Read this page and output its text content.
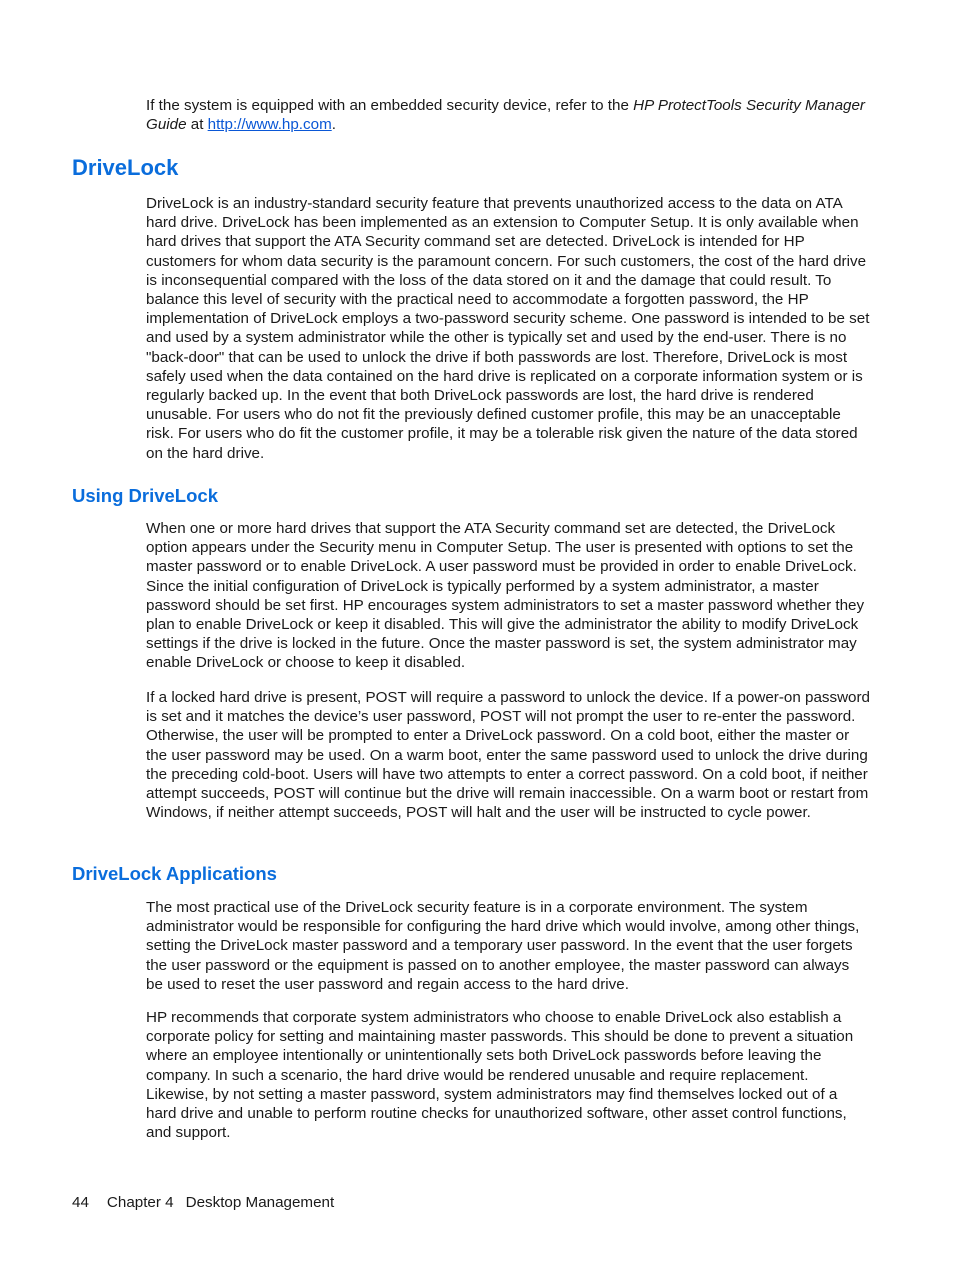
If the system is equipped with an embedded security device, refer to the HP ProtectTools Security Manager Guide at http://www.hp.com.

DriveLock

DriveLock is an industry-standard security feature that prevents unauthorized access to the data on ATA hard drive. DriveLock has been implemented as an extension to Computer Setup. It is only available when hard drives that support the ATA Security command set are detected. DriveLock is intended for HP customers for whom data security is the paramount concern. For such customers, the cost of the hard drive is inconsequential compared with the loss of the data stored on it and the damage that could result. To balance this level of security with the practical need to accommodate a forgotten password, the HP implementation of DriveLock employs a two-password security scheme. One password is intended to be set and used by a system administrator while the other is typically set and used by the end-user. There is no "back-door" that can be used to unlock the drive if both passwords are lost. Therefore, DriveLock is most safely used when the data contained on the hard drive is replicated on a corporate information system or is regularly backed up. In the event that both DriveLock passwords are lost, the hard drive is rendered unusable. For users who do not fit the previously defined customer profile, this may be an unacceptable risk. For users who do fit the customer profile, it may be a tolerable risk given the nature of the data stored on the hard drive.

Using DriveLock

When one or more hard drives that support the ATA Security command set are detected, the DriveLock option appears under the Security menu in Computer Setup. The user is presented with options to set the master password or to enable DriveLock. A user password must be provided in order to enable DriveLock. Since the initial configuration of DriveLock is typically performed by a system administrator, a master password should be set first. HP encourages system administrators to set a master password whether they plan to enable DriveLock or keep it disabled. This will give the administrator the ability to modify DriveLock settings if the drive is locked in the future. Once the master password is set, the system administrator may enable DriveLock or choose to keep it disabled.

If a locked hard drive is present, POST will require a password to unlock the device. If a power-on password is set and it matches the device’s user password, POST will not prompt the user to re-enter the password. Otherwise, the user will be prompted to enter a DriveLock password. On a cold boot, either the master or the user password may be used. On a warm boot, enter the same password used to unlock the drive during the preceding cold-boot. Users will have two attempts to enter a correct password. On a cold boot, if neither attempt succeeds, POST will continue but the drive will remain inaccessible. On a warm boot or restart from Windows, if neither attempt succeeds, POST will halt and the user will be instructed to cycle power.

DriveLock Applications

The most practical use of the DriveLock security feature is in a corporate environment. The system administrator would be responsible for configuring the hard drive which would involve, among other things, setting the DriveLock master password and a temporary user password. In the event that the user forgets the user password or the equipment is passed on to another employee, the master password can always be used to reset the user password and regain access to the hard drive.

HP recommends that corporate system administrators who choose to enable DriveLock also establish a corporate policy for setting and maintaining master passwords. This should be done to prevent a situation where an employee intentionally or unintentionally sets both DriveLock passwords before leaving the company. In such a scenario, the hard drive would be rendered unusable and require replacement. Likewise, by not setting a master password, system administrators may find themselves locked out of a hard drive and unable to perform routine checks for unauthorized software, other asset control functions, and support.

44 Chapter 4 Desktop Management
